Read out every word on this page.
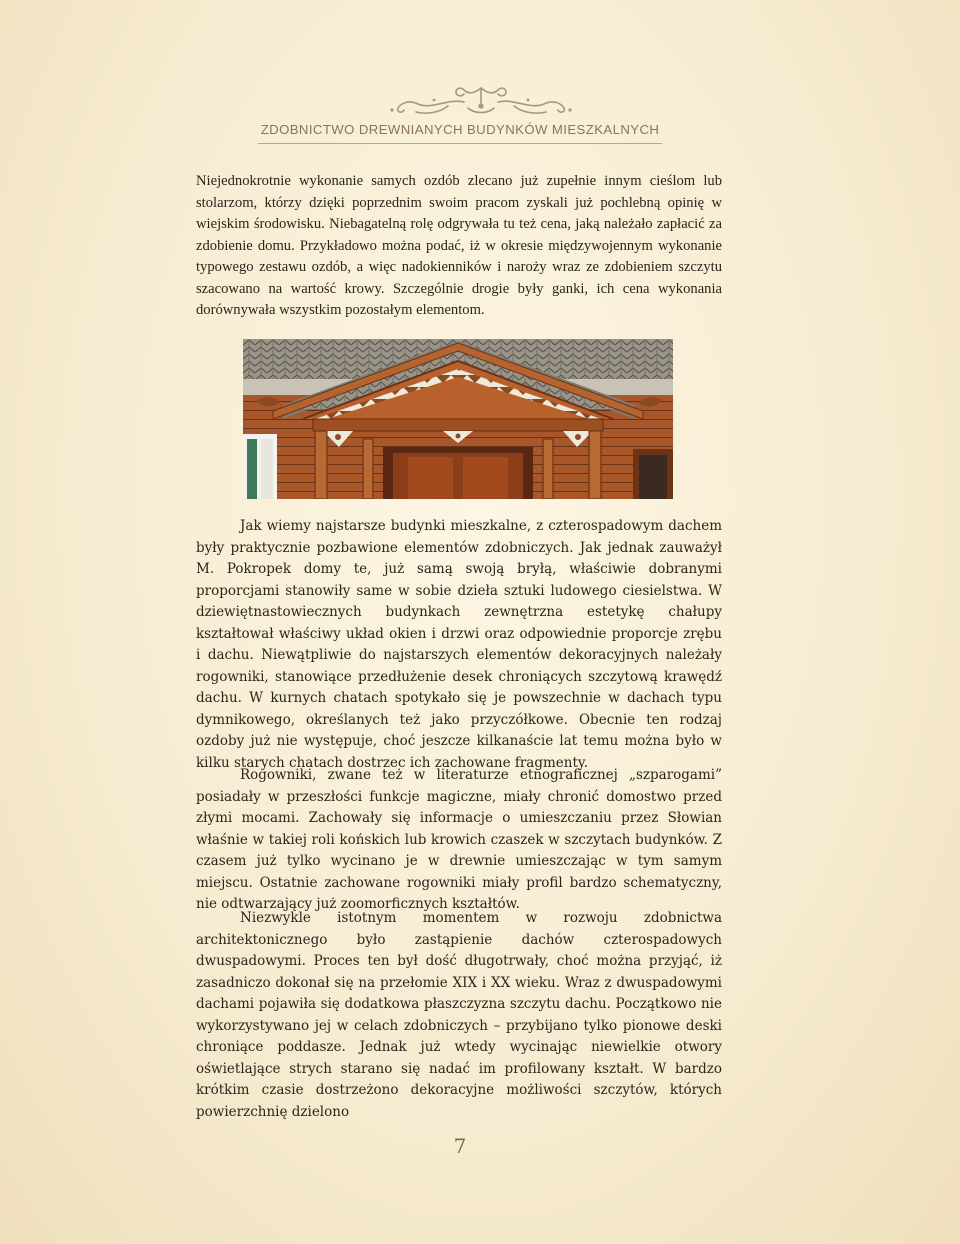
ZDOBNICTWO DREWNIANYCH BUDYNKÓW MIESZKALNYCH

Niejednokrotnie wykonanie samych ozdób zlecano już zupełnie innym cieślom lub stolarzom, którzy dzięki poprzednim swoim pracom zyskali już pochlebną opinię w wiejskim środowisku. Niebagatelną rolę odgrywała tu też cena, jaką należało zapłacić za zdobienie domu. Przykładowo można podać, iż w okresie międzywojennym wykonanie typowego zestawu ozdób, a więc nadokienników i naroży wraz ze zdobieniem szczytu szacowano na wartość krowy. Szczególnie drogie były ganki, ich cena wykonania dorównywała wszystkim pozostałym elementom.

Jak wiemy najstarsze budynki mieszkalne, z czterospadowym dachem były praktycznie pozbawione elementów zdobniczych. Jak jednak zauważył M. Pokropek domy te, już samą swoją bryłą, właściwie dobranymi proporcjami stanowiły same w sobie dzieła sztuki ludowego ciesielstwa. W dziewiętnastowiecznych budynkach zewnętrzna estetykę chałupy kształtował właściwy układ okien i drzwi oraz odpowiednie proporcje zrębu i dachu. Niewątpliwie do najstarszych elementów dekoracyjnych należały rogowniki, stanowiące przedłużenie desek chroniących szczytową krawędź dachu. W kurnych chatach spotykało się je powszechnie w dachach typu dymnikowego, określanych też jako przyczółkowe. Obecnie ten rodzaj ozdoby już nie występuje, choć jeszcze kilkanaście lat temu można było w kilku starych chatach dostrzec ich zachowane fragmenty.

Rogowniki, zwane też w literaturze etnograficznej „szparogami” posiadały w przeszłości funkcje magiczne, miały chronić domostwo przed złymi mocami. Zachowały się informacje o umieszczaniu przez Słowian właśnie w takiej roli końskich lub krowich czaszek w szczytach budynków. Z czasem już tylko wycinano je w drewnie umieszczając w tym samym miejscu. Ostatnie zachowane rogowniki miały profil bardzo schematyczny, nie odtwarzający już zoomorficznych kształtów.

Niezwykle istotnym momentem w rozwoju zdobnictwa architektonicznego było zastąpienie dachów czterospadowych dwuspadowymi. Proces ten był dość długotrwały, choć można przyjąć, iż zasadniczo dokonał się na przełomie XIX i XX wieku. Wraz z dwuspadowymi dachami pojawiła się dodatkowa płaszczyzna szczytu dachu. Początkowo nie wykorzystywano jej w celach zdobniczych – przybijano tylko pionowe deski chroniące poddasze. Jednak już wtedy wycinając niewielkie otwory oświetlające strych starano się nadać im profilowany kształt. W bardzo krótkim czasie dostrzeżono dekoracyjne możliwości szczytów, których powierzchnię dzielono

7
